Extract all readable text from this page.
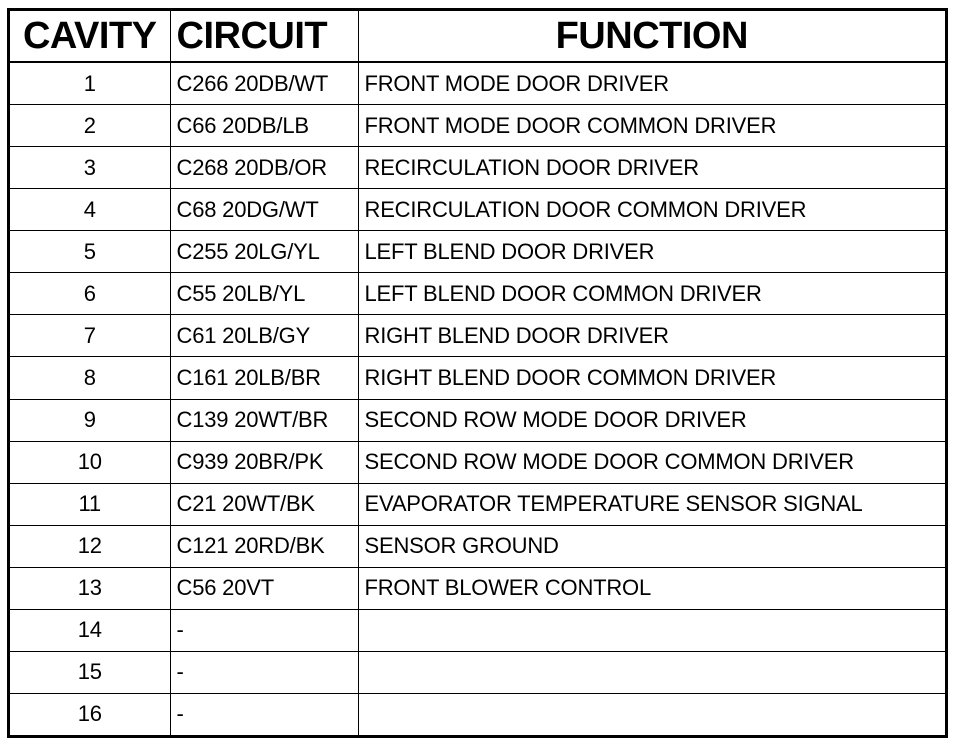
CAVITY	CIRCUIT	FUNCTION
1	C266 20DB/WT	FRONT MODE DOOR DRIVER
2	C66 20DB/LB	FRONT MODE DOOR COMMON DRIVER
3	C268 20DB/OR	RECIRCULATION DOOR DRIVER
4	C68 20DG/WT	RECIRCULATION DOOR COMMON DRIVER
5	C255 20LG/YL	LEFT BLEND DOOR DRIVER
6	C55 20LB/YL	LEFT BLEND DOOR COMMON DRIVER
7	C61 20LB/GY	RIGHT BLEND DOOR DRIVER
8	C161 20LB/BR	RIGHT BLEND DOOR COMMON DRIVER
9	C139 20WT/BR	SECOND ROW MODE DOOR DRIVER
10	C939 20BR/PK	SECOND ROW MODE DOOR COMMON DRIVER
11	C21 20WT/BK	EVAPORATOR TEMPERATURE SENSOR SIGNAL
12	C121 20RD/BK	SENSOR GROUND
13	C56 20VT	FRONT BLOWER CONTROL
14	-	
15	-	
16	-	
